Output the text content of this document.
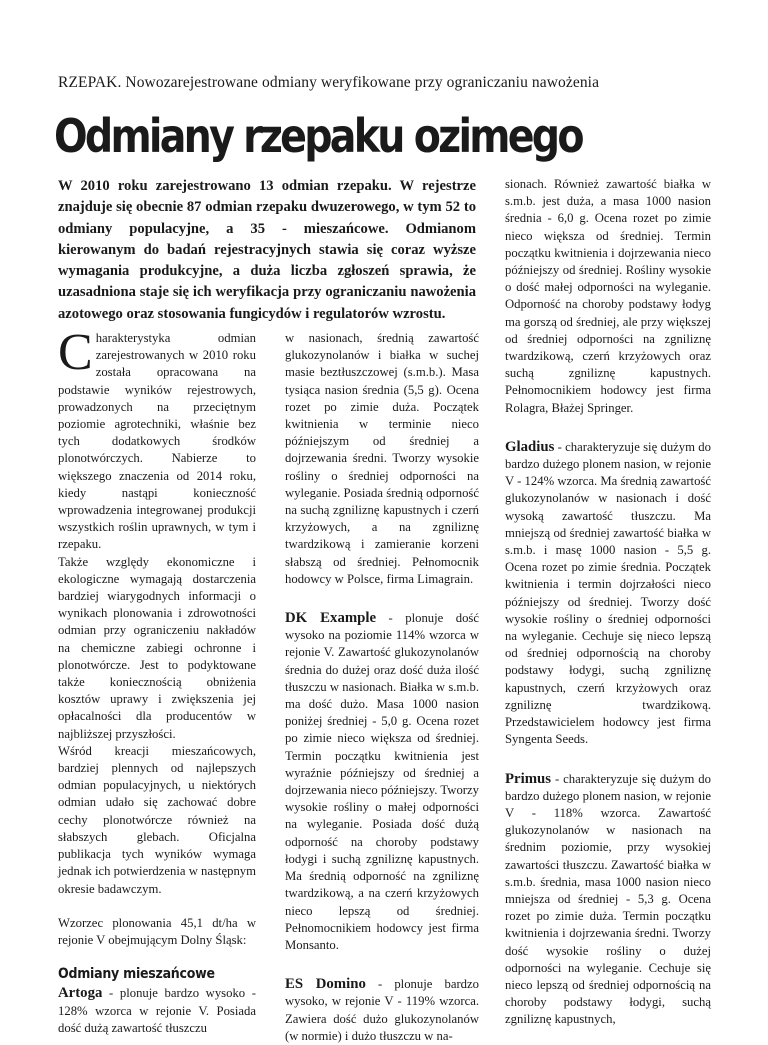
RZEPAK. Nowozarejestrowane odmiany weryfikowane przy ograniczaniu nawożenia
Odmiany rzepaku ozimego
W 2010 roku zarejestrowano 13 odmian rzepaku. W rejestrze znajduje się obecnie 87 odmian rzepaku dwuzerowego, w tym 52 to odmiany populacyjne, a 35 - mieszańcowe. Odmianom kierowanym do badań rejestracyjnych stawia się coraz wyższe wymagania produkcyjne, a duża liczba zgłoszeń sprawia, że uzasadniona staje się ich weryfikacja przy ograniczaniu nawożenia azotowego oraz stosowania fungicydów i regulatorów wzrostu.

Charakterystyka odmian zarejestrowanych w 2010 roku została opracowana na podstawie wyników rejestrowych, prowadzonych na przeciętnym poziomie agrotechniki, właśnie bez tych dodatkowych środków plonotwórczych. Nabierze to większego znaczenia od 2014 roku, kiedy nastąpi konieczność wprowadzenia integrowanej produkcji wszystkich roślin uprawnych, w tym i rzepaku.

Także względy ekonomiczne i ekologiczne wymagają dostarczenia bardziej wiarygodnych informacji o wynikach plonowania i zdrowotności odmian przy ograniczeniu nakładów na chemiczne zabiegi ochronne i plonotwórcze. Jest to podyktowane także koniecznością obniżenia kosztów uprawy i zwiększenia jej opłacalności dla producentów w najbliższej przyszłości.

Wśród kreacji mieszańcowych, bardziej plennych od najlepszych odmian populacyjnych, u niektórych odmian udało się zachować dobre cechy plonotwórcze również na słabszych glebach. Oficjalna publikacja tych wyników wymaga jednak ich potwierdzenia w następnym okresie badawczym.

Wzorzec plonowania 45,1 dt/ha w rejonie V obejmującym Dolny Śląsk:

Odmiany mieszańcowe

Artoga - plonuje bardzo wysoko - 128% wzorca w rejonie V. Posiada dość dużą zawartość tłuszczu

w nasionach, średnią zawartość glukozynolanów i białka w suchej masie beztłuszczowej (s.m.b.). Masa tysiąca nasion średnia (5,5 g). Ocena rozet po zimie duża. Początek kwitnienia w terminie nieco późniejszym od średniej a dojrzewania średni. Tworzy wysokie rośliny o średniej odporności na wyleganie. Posiada średnią odporność na suchą zgniliznę kapustnych i czerń krzyżowych, a na zgniliznę twardzikową i zamieranie korzeni słabszą od średniej. Pełnomocnik hodowcy w Polsce, firma Limagrain.

DK Example - plonuje dość wysoko na poziomie 114% wzorca w rejonie V. Zawartość glukozynolanów średnia do dużej oraz dość duża ilość tłuszczu w nasionach. Białka w s.m.b. ma dość dużo. Masa 1000 nasion poniżej średniej - 5,0 g. Ocena rozet po zimie nieco większa od średniej. Termin początku kwitnienia jest wyraźnie późniejszy od średniej a dojrzewania nieco późniejszy. Tworzy wysokie rośliny o małej odporności na wyleganie. Posiada dość dużą odporność na choroby podstawy łodygi i suchą zgniliznę kapustnych. Ma średnią odporność na zgniliznę twardzikową, a na czerń krzyżowych nieco lepszą od średniej. Pełnomocnikiem hodowcy jest firma Monsanto.

ES Domino - plonuje bardzo wysoko, w rejonie V - 119% wzorca. Zawiera dość dużo glukozynolanów (w normie) i dużo tłuszczu w na-

sionach. Również zawartość białka w s.m.b. jest duża, a masa 1000 nasion średnia - 6,0 g. Ocena rozet po zimie nieco większa od średniej. Termin początku kwitnienia i dojrzewania nieco późniejszy od średniej. Rośliny wysokie o dość małej odporności na wyleganie. Odporność na choroby podstawy łodyg ma gorszą od średniej, ale przy większej od średniej odporności na zgniliznę twardzikową, czerń krzyżowych oraz suchą zgniliznę kapustnych. Pełnomocnikiem hodowcy jest firma Rolagra, Błażej Springer.

Gladius - charakteryzuje się dużym do bardzo dużego plonem nasion, w rejonie V - 124% wzorca. Ma średnią zawartość glukozynolanów w nasionach i dość wysoką zawartość tłuszczu. Ma mniejszą od średniej zawartość białka w s.m.b. i masę 1000 nasion - 5,5 g. Ocena rozet po zimie średnia. Początek kwitnienia i termin dojrzałości nieco późniejszy od średniej. Tworzy dość wysokie rośliny o średniej odporności na wyleganie. Cechuje się nieco lepszą od średniej odpornością na choroby podstawy łodygi, suchą zgniliznę kapustnych, czerń krzyżowych oraz zgniliznę twardzikową. Przedstawicielem hodowcy jest firma Syngenta Seeds.

Primus - charakteryzuje się dużym do bardzo dużego plonem nasion, w rejonie V - 118% wzorca. Zawartość glukozynolanów w nasionach na średnim poziomie, przy wysokiej zawartości tłuszczu. Zawartość białka w s.m.b. średnia, masa 1000 nasion nieco mniejsza od średniej - 5,3 g. Ocena rozet po zimie duża. Termin początku kwitnienia i dojrzewania średni. Tworzy dość wysokie rośliny o dużej odporności na wyleganie. Cechuje się nieco lepszą od średniej odpornością na choroby podstawy łodygi, suchą zgniliznę kapustnych,
